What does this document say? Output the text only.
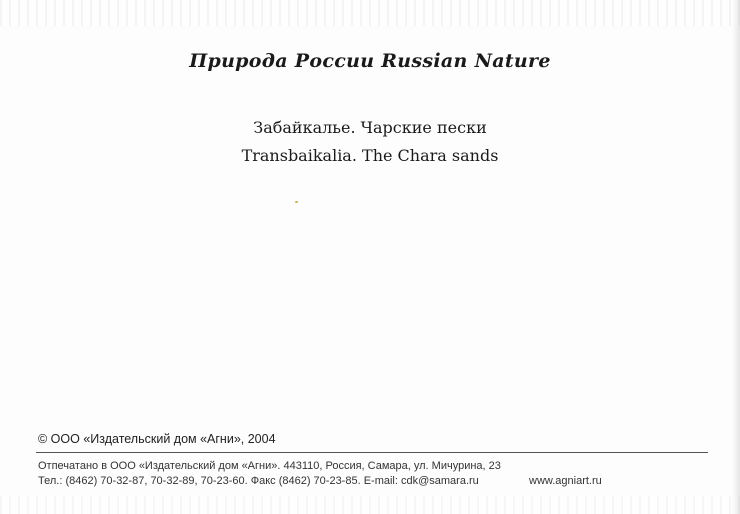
Природа России Russian Nature
Забайкалье. Чарские пески
Transbaikalia. The Chara sands
© ООО «Издательский дом «Агни», 2004
Отпечатано в ООО «Издательский дом «Агни». 443110, Россия, Самара, ул. Мичурина, 23
Тел.: (8462) 70-32-87, 70-32-89, 70-23-60. Факс (8462) 70-23-85. E-mail: cdk@samara.ru	www.agniart.ru
